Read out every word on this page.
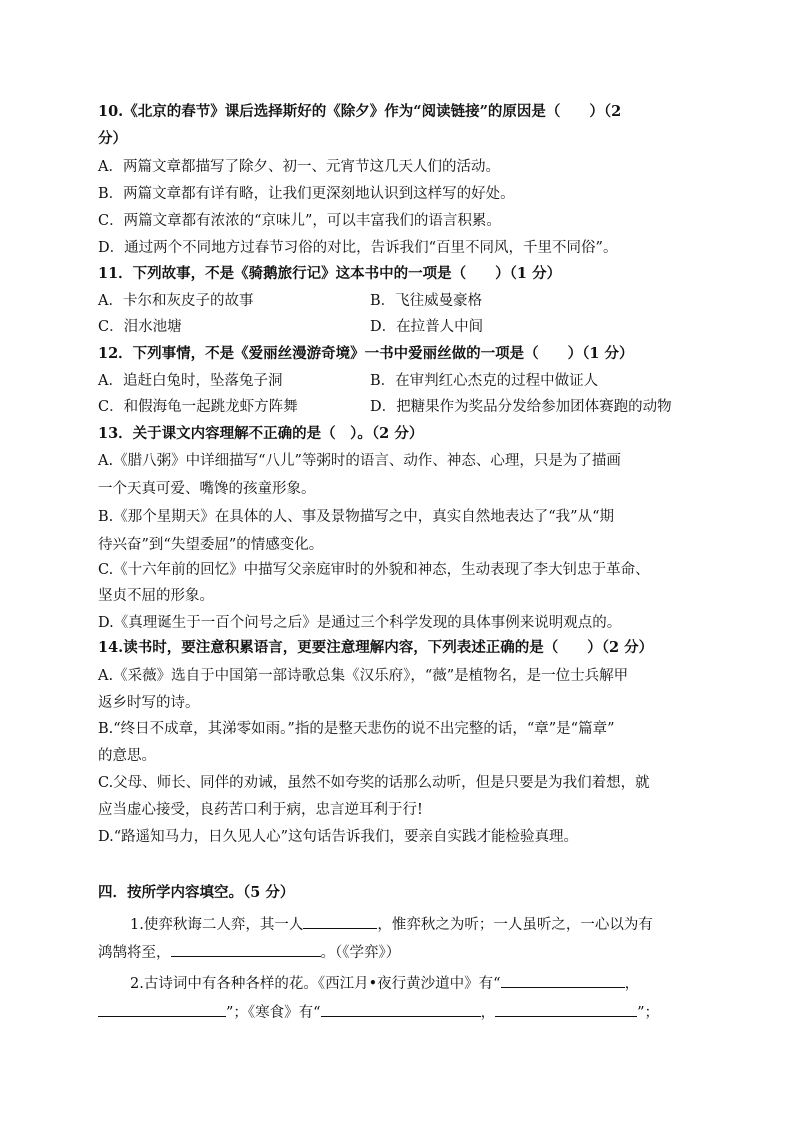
10.《北京的春节》课后选择斯好的《除夕》作为“阅读链接”的原因是（　　）（2
分）
A．两篇文章都描写了除夕、初一、元宵节这几天人们的活动。
B．两篇文章都有详有略，让我们更深刻地认识到这样写的好处。
C．两篇文章都有浓浓的“京味儿”，可以丰富我们的语言积累。
D．通过两个不同地方过春节习俗的对比，告诉我们“百里不同风，千里不同俗”。
11．下列故事，不是《骑鹅旅行记》这本书中的一项是（　　）（1 分）
A．卡尔和灰皮子的故事	B．飞往威曼豪格
C．泪水池塘	D．在拉普人中间
12．下列事情，不是《爱丽丝漫游奇境》一书中爱丽丝做的一项是（　　）（1 分）
A．追赶白兔时，坠落兔子洞	B．在审判红心杰克的过程中做证人
C．和假海龟一起跳龙虾方阵舞	D．把糖果作为奖品分发给参加团体赛跑的动物
13．关于课文内容理解不正确的是（　）。（2 分）
A.《腊八粥》中详细描写“八儿”等粥时的语言、动作、神态、心理，只是为了描画
一个天真可爱、嘴馋的孩童形象。
B.《那个星期天》在具体的人、事及景物描写之中，真实自然地表达了“我”从“期
待兴奋”到“失望委屈”的情感变化。
C.《十六年前的回忆》中描写父亲庭审时的外貌和神态，生动表现了李大钊忠于革命、
坚贞不屈的形象。
D.《真理诞生于一百个问号之后》是通过三个科学发现的具体事例来说明观点的。
14.读书时，要注意积累语言，更要注意理解内容，下列表述正确的是（　　）（2 分）
A.《采薇》选自于中国第一部诗歌总集《汉乐府》，“薇”是植物名，是一位士兵解甲
返乡时写的诗。
B.“终日不成章，其涕零如雨。”指的是整天悲伤的说不出完整的话，“章”是“篇章”
的意思。
C.父母、师长、同伴的劝诫，虽然不如夸奖的话那么动听，但是只要是为我们着想，就
应当虚心接受，良药苦口利于病，忠言逆耳利于行!
D.“路遥知马力，日久见人心”这句话告诉我们，要亲自实践才能检验真理。
四．按所学内容填空。（5 分）
1.使弈秋诲二人弈，其一人	，惟弈秋之为听；一人虽听之，一心以为有
鸿鹄将至，	。（《学弈》）
2.古诗词中有各种各样的花。《西江月•夜行黄沙道中》有“	，
”；《寒食》有“	，	”；
